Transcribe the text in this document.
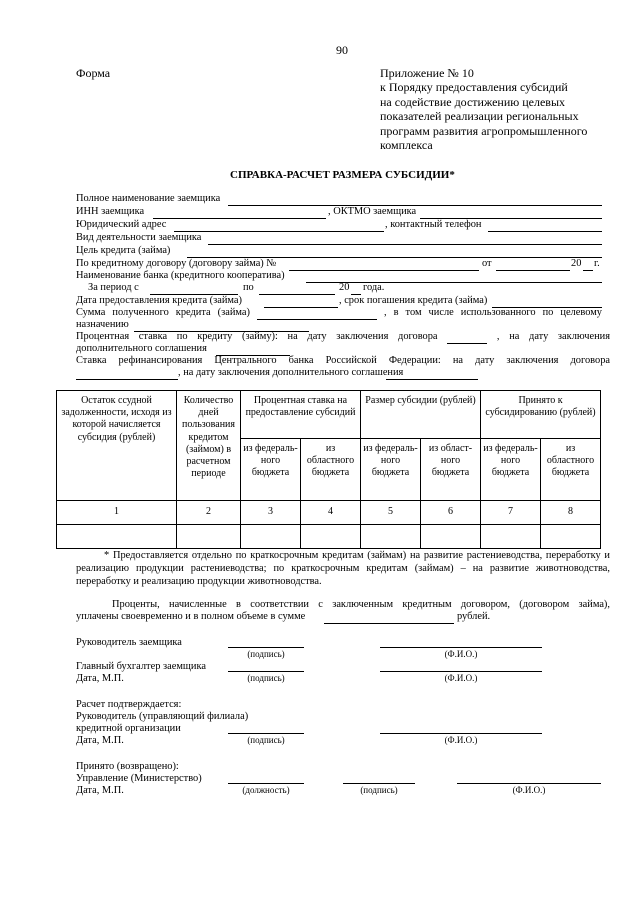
90
Форма	Приложение № 10
к Порядку предоставления субсидий
на содействие достижению целевых
показателей реализации региональных
программ развития агропромышленного
комплекса
СПРАВКА-РАСЧЕТ РАЗМЕРА СУБСИДИИ*
Полное наименование заемщика
ИНН заемщика	, ОКТМО заемщика
Юридический адрес	, контактный телефон
Вид деятельности заемщика
Цель кредита (займа)
По кредитному договору (договору займа) №	от	20 г.
Наименование банка (кредитного кооператива)
За период с	по	20 года.
Дата предоставления кредита (займа)	, срок погашения кредита (займа)
Сумма полученного кредита (займа)	, в том числе использованного по целевому
назначению
Процентная ставка по кредиту (займу): на дату заключения договора	, на дату заключения
дополнительного соглашения
Ставка рефинансирования Центрального банка Российской Федерации: на дату заключения договора
, на дату заключения дополнительного соглашения
Остаток ссудной задолженности, исходя из которой начисляется субсидия (рублей)	Количество дней пользования кредитом (займом) в расчетном периоде	Процентная ставка на предоставление субсидий		Размер субсидии (рублей)		Принято к субсидированию (рублей)	
		из федераль-ного бюджета	из областного бюджета	из федераль-ного бюджета	из област-ного бюджета	из федераль-ного бюджета	из областного бюджета
1	2	3	4	5	6	7	8

* Предоставляется отдельно по краткосрочным кредитам (займам) на развитие растениеводства, переработку и реализацию продукции растениеводства; по краткосрочным кредитам (займам) – на развитие животноводства, переработку и реализацию продукции животноводства.
Проценты, начисленные в соответствии с заключенным кредитным договором, (договором займа),
уплачены своевременно и в полном объеме в сумме	рублей.
Руководитель заемщика
(подпись)	(Ф.И.О.)
Главный бухгалтер заемщика
Дата, М.П.	(подпись)	(Ф.И.О.)
Расчет подтверждается:
Руководитель (управляющий филиала)
кредитной организации
Дата, М.П.	(подпись)	(Ф.И.О.)
Принято (возвращено):
Управление (Министерство)
Дата, М.П.	(должность)	(подпись)	(Ф.И.О.)
